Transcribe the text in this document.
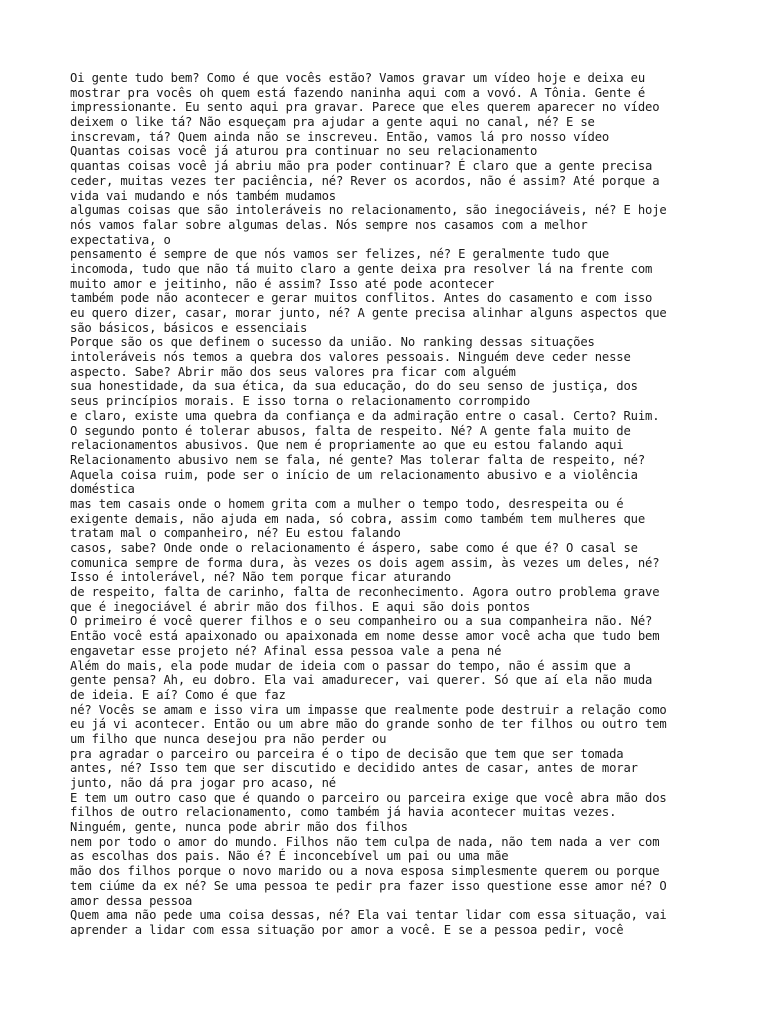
Oi gente tudo bem? Como é que vocês estão? Vamos gravar um vídeo hoje e deixa eu
mostrar pra vocês oh quem está fazendo naninha aqui com a vovó. A Tônia. Gente é
impressionante. Eu sento aqui pra gravar. Parece que eles querem aparecer no vídeo
deixem o like tá? Não esqueçam pra ajudar a gente aqui no canal, né? E se
inscrevam, tá? Quem ainda não se inscreveu. Então, vamos lá pro nosso vídeo
Quantas coisas você já aturou pra continuar no seu relacionamento
quantas coisas você já abriu mão pra poder continuar? É claro que a gente precisa
ceder, muitas vezes ter paciência, né? Rever os acordos, não é assim? Até porque a
vida vai mudando e nós também mudamos
algumas coisas que são intoleráveis no relacionamento, são inegociáveis, né? E hoje
nós vamos falar sobre algumas delas. Nós sempre nos casamos com a melhor
expectativa, o
pensamento é sempre de que nós vamos ser felizes, né? E geralmente tudo que
incomoda, tudo que não tá muito claro a gente deixa pra resolver lá na frente com
muito amor e jeitinho, não é assim? Isso até pode acontecer
também pode não acontecer e gerar muitos conflitos. Antes do casamento e com isso
eu quero dizer, casar, morar junto, né? A gente precisa alinhar alguns aspectos que
são básicos, básicos e essenciais
Porque são os que definem o sucesso da união. No ranking dessas situações
intoleráveis nós temos a quebra dos valores pessoais. Ninguém deve ceder nesse
aspecto. Sabe? Abrir mão dos seus valores pra ficar com alguém
sua honestidade, da sua ética, da sua educação, do do seu senso de justiça, dos
seus princípios morais. E isso torna o relacionamento corrompido
e claro, existe uma quebra da confiança e da admiração entre o casal. Certo? Ruim.
O segundo ponto é tolerar abusos, falta de respeito. Né? A gente fala muito de
relacionamentos abusivos. Que nem é propriamente ao que eu estou falando aqui
Relacionamento abusivo nem se fala, né gente? Mas tolerar falta de respeito, né?
Aquela coisa ruim, pode ser o início de um relacionamento abusivo e a violência
doméstica
mas tem casais onde o homem grita com a mulher o tempo todo, desrespeita ou é
exigente demais, não ajuda em nada, só cobra, assim como também tem mulheres que
tratam mal o companheiro, né? Eu estou falando
casos, sabe? Onde onde o relacionamento é áspero, sabe como é que é? O casal se
comunica sempre de forma dura, às vezes os dois agem assim, às vezes um deles, né?
Isso é intolerável, né? Não tem porque ficar aturando
de respeito, falta de carinho, falta de reconhecimento. Agora outro problema grave
que é inegociável é abrir mão dos filhos. E aqui são dois pontos
O primeiro é você querer filhos e o seu companheiro ou a sua companheira não. Né?
Então você está apaixonado ou apaixonada em nome desse amor você acha que tudo bem
engavetar esse projeto né? Afinal essa pessoa vale a pena né
Além do mais, ela pode mudar de ideia com o passar do tempo, não é assim que a
gente pensa? Ah, eu dobro. Ela vai amadurecer, vai querer. Só que aí ela não muda
de ideia. E aí? Como é que faz
né? Vocês se amam e isso vira um impasse que realmente pode destruir a relação como
eu já vi acontecer. Então ou um abre mão do grande sonho de ter filhos ou outro tem
um filho que nunca desejou pra não perder ou
pra agradar o parceiro ou parceira é o tipo de decisão que tem que ser tomada
antes, né? Isso tem que ser discutido e decidido antes de casar, antes de morar
junto, não dá pra jogar pro acaso, né
E tem um outro caso que é quando o parceiro ou parceira exige que você abra mão dos
filhos de outro relacionamento, como também já havia acontecer muitas vezes.
Ninguém, gente, nunca pode abrir mão dos filhos
nem por todo o amor do mundo. Filhos não tem culpa de nada, não tem nada a ver com
as escolhas dos pais. Não é? É inconcebível um pai ou uma mãe
mão dos filhos porque o novo marido ou a nova esposa simplesmente querem ou porque
tem ciúme da ex né? Se uma pessoa te pedir pra fazer isso questione esse amor né? O
amor dessa pessoa
Quem ama não pede uma coisa dessas, né? Ela vai tentar lidar com essa situação, vai
aprender a lidar com essa situação por amor a você. E se a pessoa pedir, você
